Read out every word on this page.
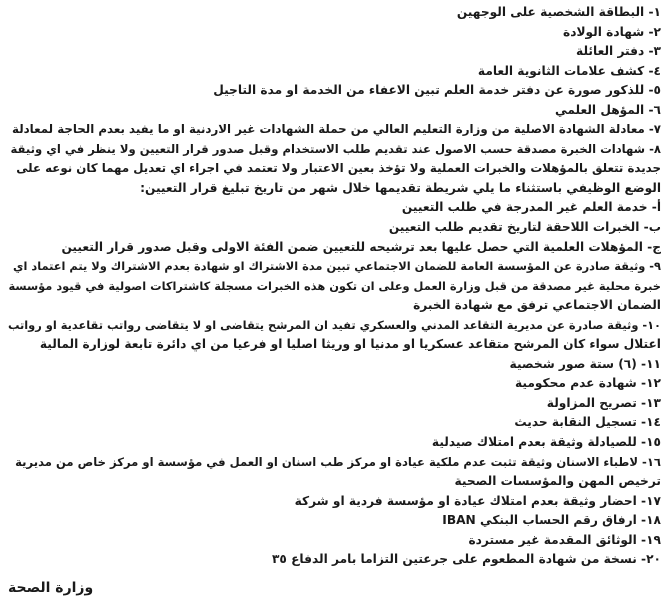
١- البطاقة الشخصية على الوجهين
٢- شهادة الولادة
٣- دفتر العائلة
٤- كشف علامات الثانوية العامة
٥- للذكور صورة عن دفتر خدمة العلم تبين الاعفاء من الخدمة او مدة التاجيل
٦- المؤهل العلمي
٧- معادلة الشهادة الاصلية من وزارة التعليم العالي من حملة الشهادات غير الاردنية او ما يفيد بعدم الحاجة لمعادلة
٨- شهادات الخبرة مصدقة حسب الاصول عند تقديم طلب الاستخدام وقبل صدور قرار التعيين ولا ينظر في اي وثيقة
جديدة تتعلق بالمؤهلات والخبرات العملية ولا تؤخذ بعين الاعتبار ولا تعتمد في اجراء اي تعديل مهما كان نوعه على
الوضع الوظيفي باستثناء ما يلي شريطة تقديمها خلال شهر من تاريخ تبليغ قرار التعيين:
أ- خدمة العلم غير المدرجة في طلب التعيين
ب- الخبرات اللاحقة لتاريخ تقديم طلب التعيين
ج- المؤهلات العلمية التي حصل عليها بعد ترشيحه للتعيين ضمن الفئة الاولى وقبل صدور قرار التعيين
٩- وثيقة صادرة عن المؤسسة العامة للضمان الاجتماعي تبين مدة الاشتراك او شهادة بعدم الاشتراك ولا يتم اعتماد اي
خبرة محلية غير مصدقة من قبل وزارة العمل وعلى ان تكون هذه الخبرات مسجلة كاشتراكات اصولية في قيود مؤسسة
الضمان الاجتماعي ترفق مع شهادة الخبرة
١٠- وثيقة صادرة عن مديرية التقاعد المدني والعسكري تفيد ان المرشح يتقاضى او لا يتقاضى رواتب تقاعدية او رواتب
اعتلال سواء كان المرشح متقاعد عسكريا او مدنيا او وريثا اصليا او فرعيا من اي دائرة تابعة لوزارة المالية
١١- (٦) ستة صور شخصية
١٢- شهادة عدم محكومية
١٣- تصريح المزاولة
١٤- تسجيل النقابة حديث
١٥- للصيادلة وثيقة بعدم امتلاك صيدلية
١٦- لاطباء الاسنان وثيقة تثبت عدم ملكية عيادة او مركز طب اسنان او العمل في مؤسسة او مركز خاص من مديرية
ترخيص المهن والمؤسسات الصحية
١٧- احضار وثيقة بعدم امتلاك عيادة او مؤسسة فردية او شركة
١٨- ارفاق رقم الحساب البنكي IBAN
١٩- الوثائق المقدمة غير مستردة
٢٠- نسخة من شهادة المطعوم على جرعتين التزاما بامر الدفاع ٣٥
وزارة الصحة
